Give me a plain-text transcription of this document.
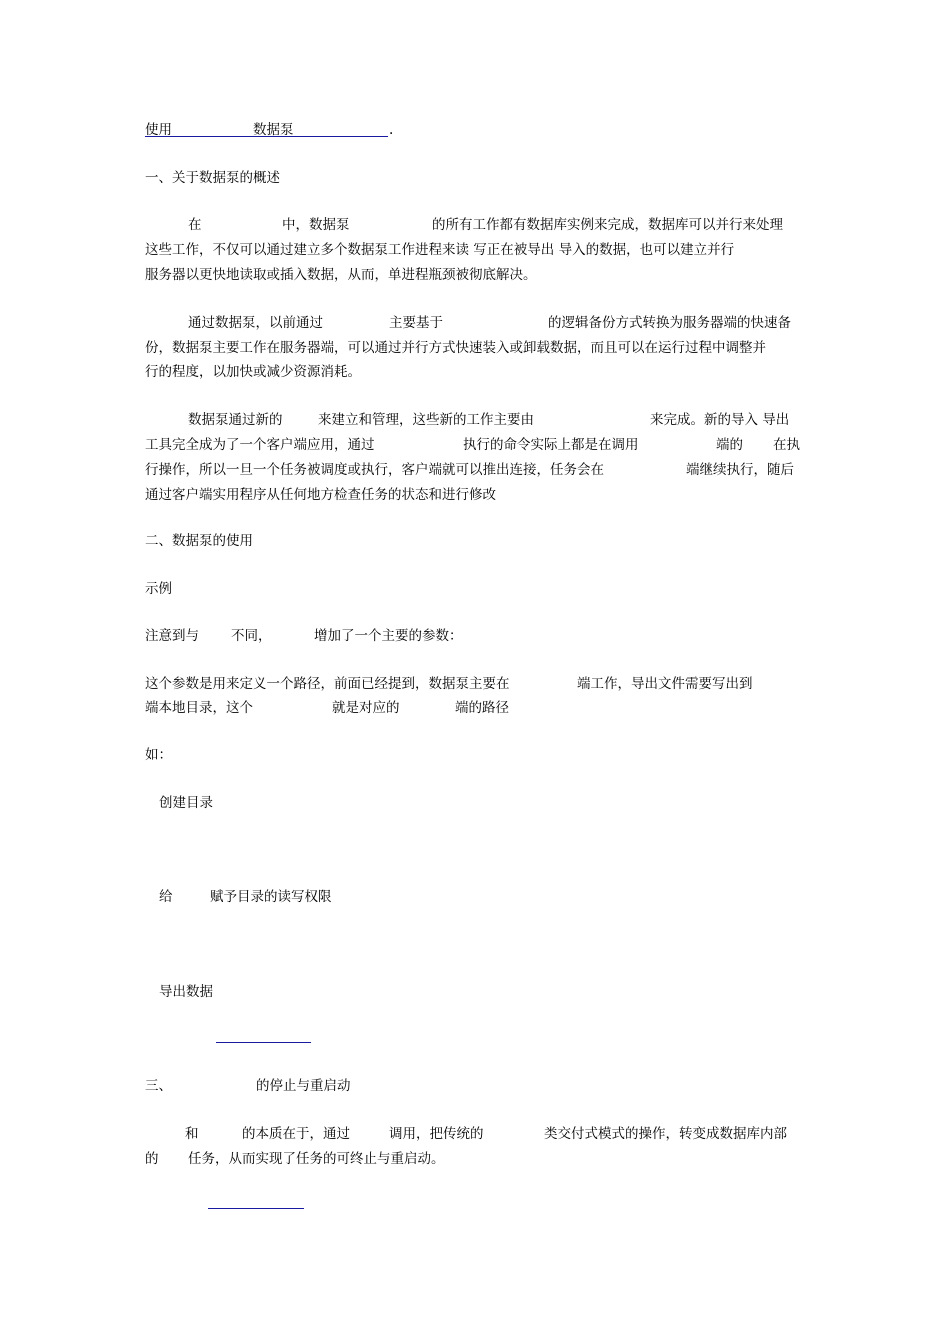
使用	数据泵	.
一、关于数据泵的概述
在	中，数据泵	的所有工作都有数据库实例来完成，数据库可以并行来处理
这些工作，不仅可以通过建立多个数据泵工作进程来读 写正在被导出 导入的数据，也可以建立并行
服务器以更快地读取或插入数据，从而，单进程瓶颈被彻底解决。
通过数据泵，以前通过	主要基于	的逻辑备份方式转换为服务器端的快速备
份，数据泵主要工作在服务器端，可以通过并行方式快速装入或卸载数据，而且可以在运行过程中调整并
行的程度，以加快或减少资源消耗。
数据泵通过新的	来建立和管理，这些新的工作主要由	来完成。新的导入 导出
工具完全成为了一个客户端应用，通过	执行的命令实际上都是在调用	端的 在执
行操作，所以一旦一个任务被调度或执行，客户端就可以推出连接，任务会在	端继续执行，随后
通过客户端实用程序从任何地方检查任务的状态和进行修改
二、数据泵的使用
示例
注意到与 不同，	增加了一个主要的参数：
这个参数是用来定义一个路径，前面已经提到，数据泵主要在	端工作，导出文件需要写出到
端本地目录，这个	就是对应的	端的路径
如：
创建目录
给	赋予目录的读写权限
导出数据
三、	的停止与重启动
和	的本质在于，通过	调用，把传统的	类交付式模式的操作，转变成数据库内部
的 任务，从而实现了任务的可终止与重启动。
